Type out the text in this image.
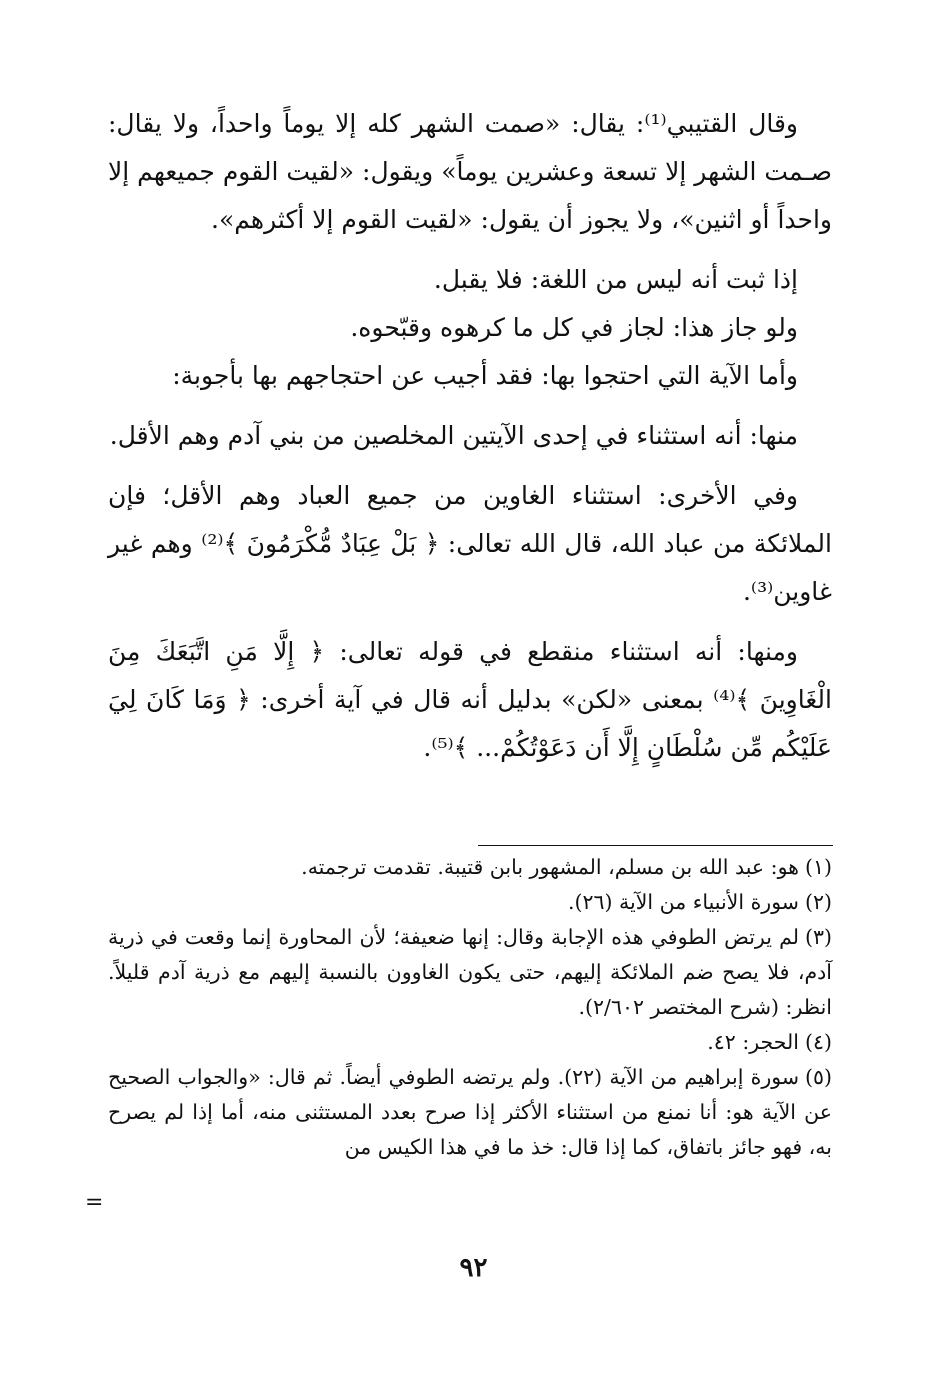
وقال القتيبي⁽¹⁾: يقال: «صمت الشهر كله إلا يوماً واحداً، ولا يقال: صـمت الشهر إلا تسعة وعشرين يوماً» ويقول: «لقيت القوم جميعهم إلا واحداً أو اثنين»، ولا يجوز أن يقول: «لقيت القوم إلا أكثرهم».

إذا ثبت أنه ليس من اللغة: فلا يقبل.

ولو جاز هذا: لجاز في كل ما كرهوه وقبّحوه.

وأما الآية التي احتجوا بها: فقد أجيب عن احتجاجهم بها بأجوبة:

منها: أنه استثناء في إحدى الآيتين المخلصين من بني آدم وهم الأقل.

وفي الأخرى: استثناء الغاوين من جميع العباد وهم الأقل؛ فإن الملائكة من عباد الله، قال الله تعالى: ﴿ بَلْ عِبَادٌ مُّكْرَمُونَ ﴾⁽²⁾ وهم غير غاوين⁽³⁾.

ومنها: أنه استثناء منقطع في قوله تعالى: ﴿ إِلَّا مَنِ اتَّبَعَكَ مِنَ الْغَاوِينَ ﴾⁽⁴⁾ بمعنى «لكن» بدليل أنه قال في آية أخرى: ﴿ وَمَا كَانَ لِيَ عَلَيْكُم مِّن سُلْطَانٍ إِلَّا أَن دَعَوْتُكُمْ... ﴾⁽⁵⁾.

(١)هو: عبد الله بن مسلم، المشهور بابن قتيبة. تقدمت ترجمته.

(٢)سورة الأنبياء من الآية (٢٦).

(٣)لم يرتض الطوفي هذه الإجابة وقال: إنها ضعيفة؛ لأن المحاورة إنما وقعت في ذرية آدم، فلا يصح ضم الملائكة إليهم، حتى يكون الغاوون بالنسبة إليهم مع ذرية آدم قليلاً. انظر: (شرح المختصر ٢/٦٠٢).

(٤)الحجر: ٤٢.

(٥)سورة إبراهيم من الآية (٢٢). ولم يرتضه الطوفي أيضاً. ثم قال: «والجواب الصحيح عن الآية هو: أنا نمنع من استثناء الأكثر إذا صرح بعدد المستثنى منه، أما إذا لم يصرح به، فهو جائز باتفاق، كما إذا قال: خذ ما في هذا الكيس من

=
٩٢
